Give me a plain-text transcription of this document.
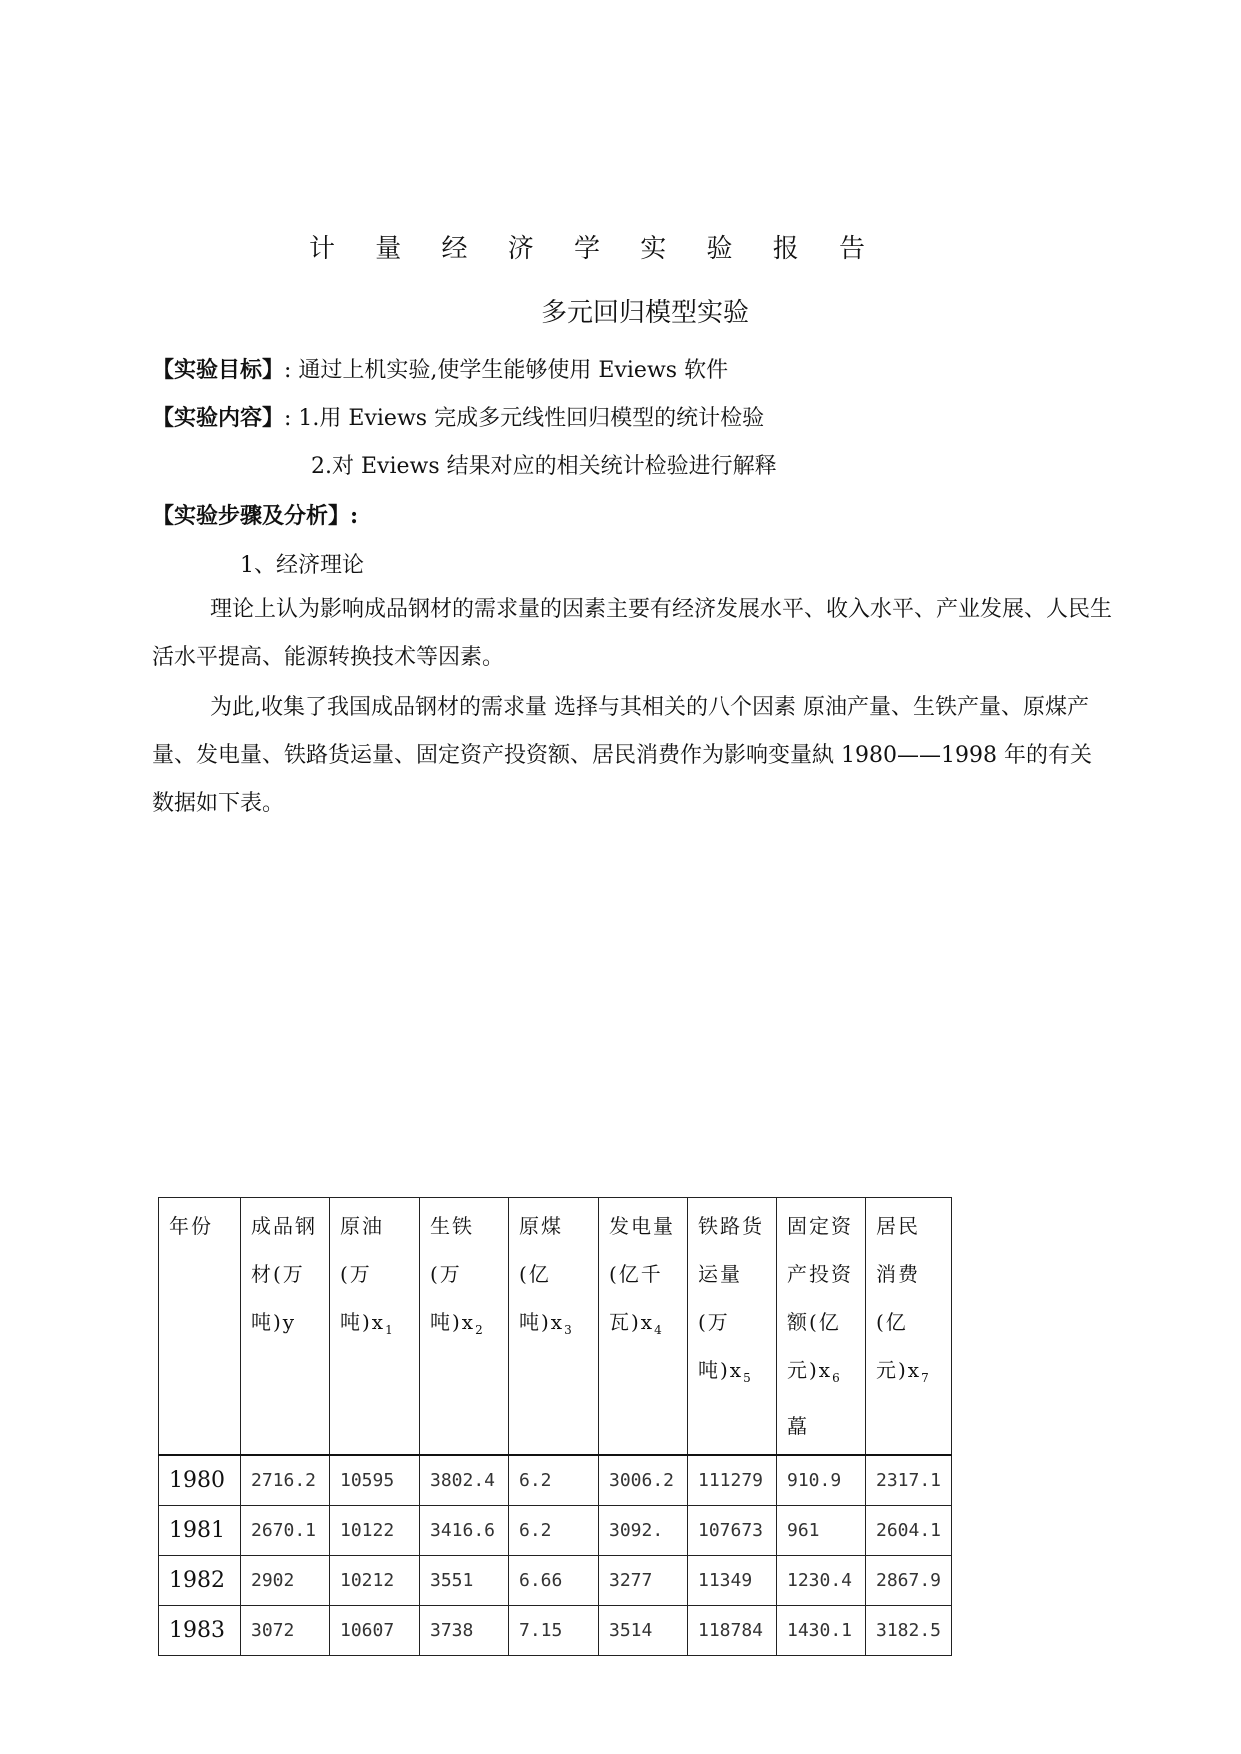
计 量 经 济 学 实 验 报 告
多元回归模型实验
【实验目标】: 通过上机实验,使学生能够使用 Eviews 软件
【实验内容】: 1.用 Eviews 完成多元线性回归模型的统计检验
2.对 Eviews 结果对应的相关统计检验进行解释
【实验步骤及分析】:
1、经济理论
理论上认为影响成品钢材的需求量的因素主要有经济发展水平、收入水平、产业发展、人民生活水平提高、能源转换技术等因素。
为此,收集了我国成品钢材的需求量 选择与其相关的八个因素 原油产量、生铁产量、原煤产量、发电量、铁路货运量、固定资产投资额、居民消费作为影响变量紈 1980——1998 年的有关数据如下表。
年份	成品钢材(万吨)y	原油(万吨)$x_1$	生铁(万吨)$x_2$	原煤(亿吨)$x_3$	发电量(亿千瓦)$x_4$	铁路货运量(万吨)$x_5$	固定资产投资额(亿元)$x_6$藠	居民消费(亿元)$x_7$
1980	2716.2	10595	3802.4	6.2	3006.2	111279	910.9	2317.1
1981	2670.1	10122	3416.6	6.2	3092.	107673	961	2604.1
1982	2902	10212	3551	6.66	3277	11349	1230.4	2867.9
1983	3072	10607	3738	7.15	3514	118784	1430.1	3182.5
